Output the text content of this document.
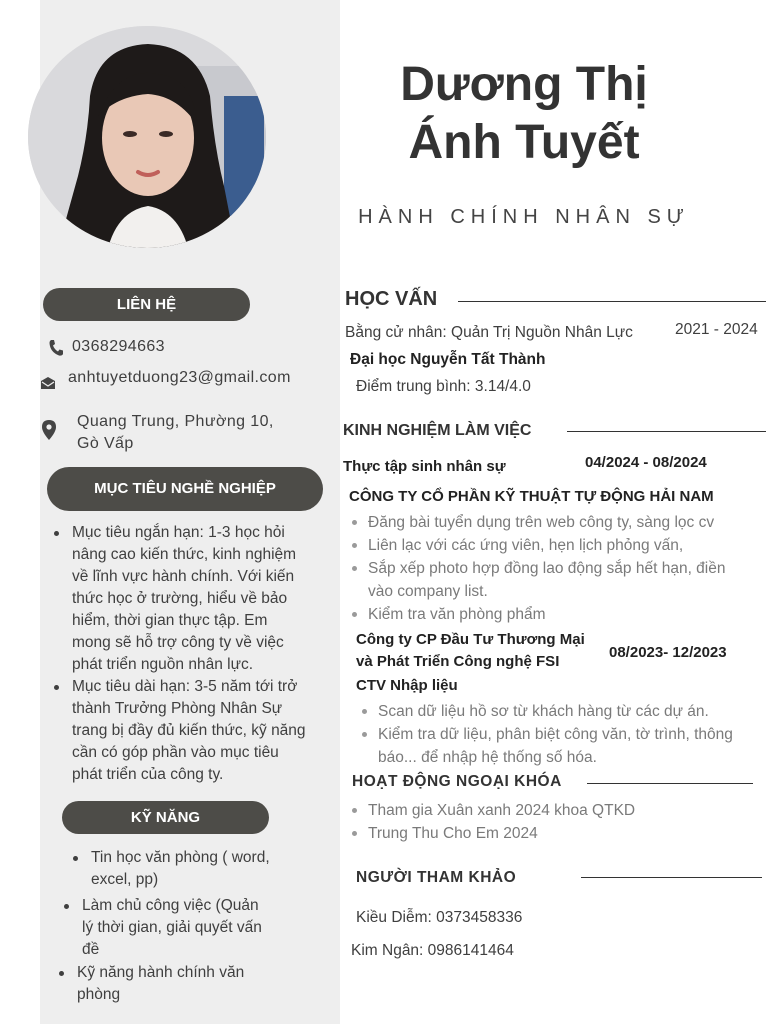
Dương Thị
Ánh Tuyết
HÀNH CHÍNH NHÂN SỰ
LIÊN HỆ
0368294663
anhtuyetduong23@gmail.com
Quang Trung, Phường 10,
Gò Vấp
MỤC TIÊU NGHỀ NGHIỆP
Mục tiêu ngắn hạn: 1-3 học hỏi
nâng cao kiến thức, kinh nghiệm
về lĩnh vực hành chính. Với kiến
thức học ở trường, hiểu về bảo
hiểm, thời gian thực tập. Em
mong sẽ hỗ trợ công ty về việc
phát triển nguồn nhân lực.
Mục tiêu dài hạn: 3-5 năm tới trở
thành Trưởng Phòng Nhân Sự
trang bị đầy đủ kiến thức, kỹ năng
cần có góp phần vào mục tiêu
phát triển của công ty.
KỸ NĂNG
Tin học văn phòng ( word,
excel, pp)
Làm chủ công việc (Quản
lý thời gian, giải quyết vấn
đề
Kỹ năng hành chính văn
phòng
HỌC VẤN
Bằng cử nhân: Quản Trị Nguồn Nhân Lực	2021 - 2024
Đại học Nguyễn Tất Thành
Điểm trung bình: 3.14/4.0
KINH NGHIỆM LÀM VIỆC
Thực tập sinh nhân sự	04/2024 - 08/2024
CÔNG TY CỔ PHẦN KỸ THUẬT TỰ ĐỘNG HẢI NAM
Đăng bài tuyển dụng trên web công ty, sàng lọc cv
Liên lạc với các ứng viên, hẹn lịch phỏng vấn,
Sắp xếp photo hợp đồng lao động sắp hết hạn, điền
vào company list.
Kiểm tra văn phòng phẩm
Công ty CP Đầu Tư Thương Mại
và Phát Triển Công nghệ FSI
08/2023- 12/2023
CTV Nhập liệu
Scan dữ liệu hồ sơ từ khách hàng từ các dự án.
Kiểm tra dữ liệu, phân biệt công văn, tờ trình, thông
báo... để nhập hệ thống số hóa.
HOẠT ĐỘNG NGOẠI KHÓA
Tham gia Xuân xanh 2024 khoa QTKD
Trung Thu Cho Em 2024
NGƯỜI THAM KHẢO
Kiều Diễm: 0373458336
Kim Ngân: 0986141464
